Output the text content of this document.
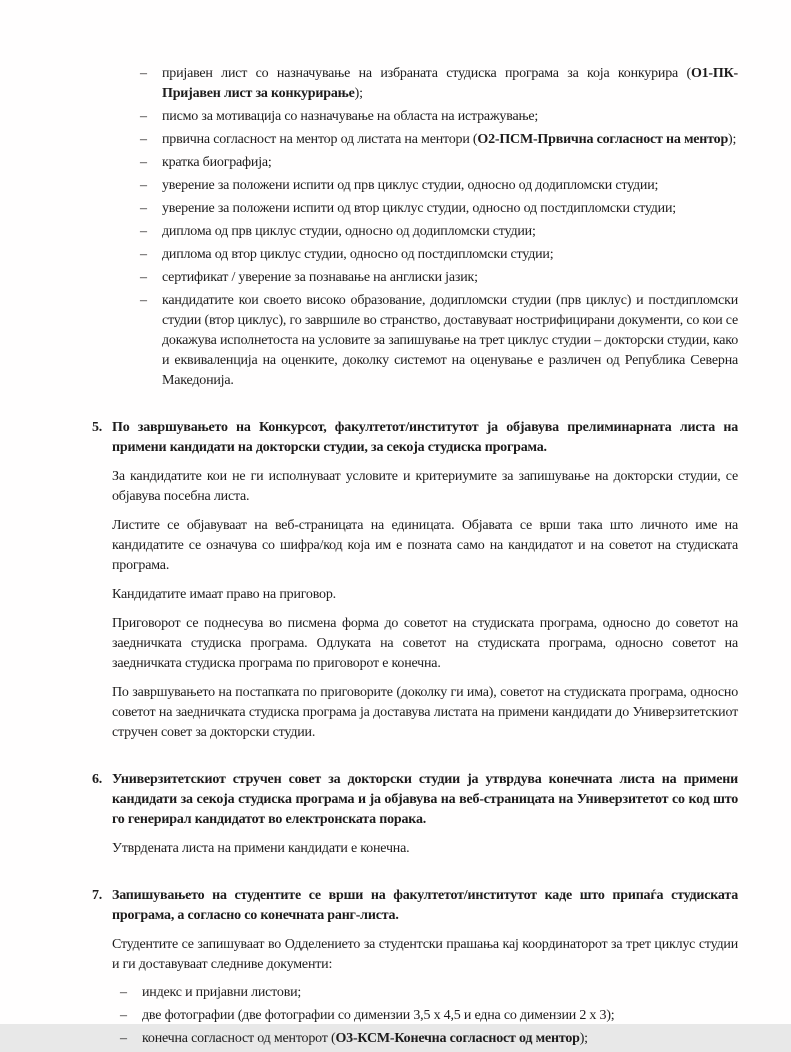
–	пријавен лист со назначување на избраната студиска програма за која конкурира (О1-ПК-Пријавен лист за конкурирање);
–	писмо за мотивација со назначување на областа на истражување;
–	првична согласност на ментор од листата на ментори (О2-ПСМ-Првична согласност на ментор);
–	кратка биографија;
–	уверение за положени испити од прв циклус студии, односно од додипломски студии;
–	уверение за положени испити од втор циклус студии, односно од постдипломски студии;
–	диплома од прв циклус студии, односно од додипломски студии;
–	диплома од втор циклус студии, односно од постдипломски студии;
–	сертификат / уверение за познавање на англиски јазик;
–	кандидатите кои своето високо образование, додипломски студии (прв циклус) и постдипломски студии (втор циклус), го завршиле во странство, доставуваат нострифицирани документи, со кои се докажува исполнетоста на условите за запишување на трет циклус студии – докторски студии, како и еквиваленција на оценките, доколку системот на оценување е различен од Република Северна Македонија.
5. По завршувањето на Конкурсот, факултетот/институтот ја објавува прелиминарната листа на примени кандидати на докторски студии, за секоја студиска програма.

За кандидатите кои не ги исполнуваат условите и критериумите за запишување на докторски студии, се објавува посебна листа.

Листите се објавуваат на веб-страницата на единицата. Објавата се врши така што личното име на кандидатите се означува со шифра/код која им е позната само на кандидатот и на советот на студиската програма.

Кандидатите имаат право на приговор.

Приговорот се поднесува во писмена форма до советот на студиската програма, односно до советот на заедничката студиска програма. Одлуката на советот на студиската програма, односно советот на заедничката студиска програма по приговорот е конечна.

По завршувањето на постапката по приговорите (доколку ги има), советот на студиската програма, односно советот на заедничката студиска програма ја доставува листата на примени кандидати до Универзитетскиот стручен совет за докторски студии.

6. Универзитетскиот стручен совет за докторски студии ја утврдува конечната листа на примени кандидати за секоја студиска програма и ја објавува на веб-страницата на Универзитетот со код што го генерирал кандидатот во електронската порака.

Утврдената листа на примени кандидати е конечна.

7. Запишувањето на студентите се врши на факултетот/институтот каде што припаѓа студиската програма, а согласно со конечната ранг-листа.

Студентите се запишуваат во Одделението за студентски прашања кај координаторот за трет циклус студии и ги доставуваат следниве документи:

–	индекс и пријавни листови;
–	две фотографии (две фотографии со димензии 3,5 х 4,5 и една со димензии 2 х 3);
–	конечна согласност од менторот (О3-КСМ-Конечна согласност од ментор);
